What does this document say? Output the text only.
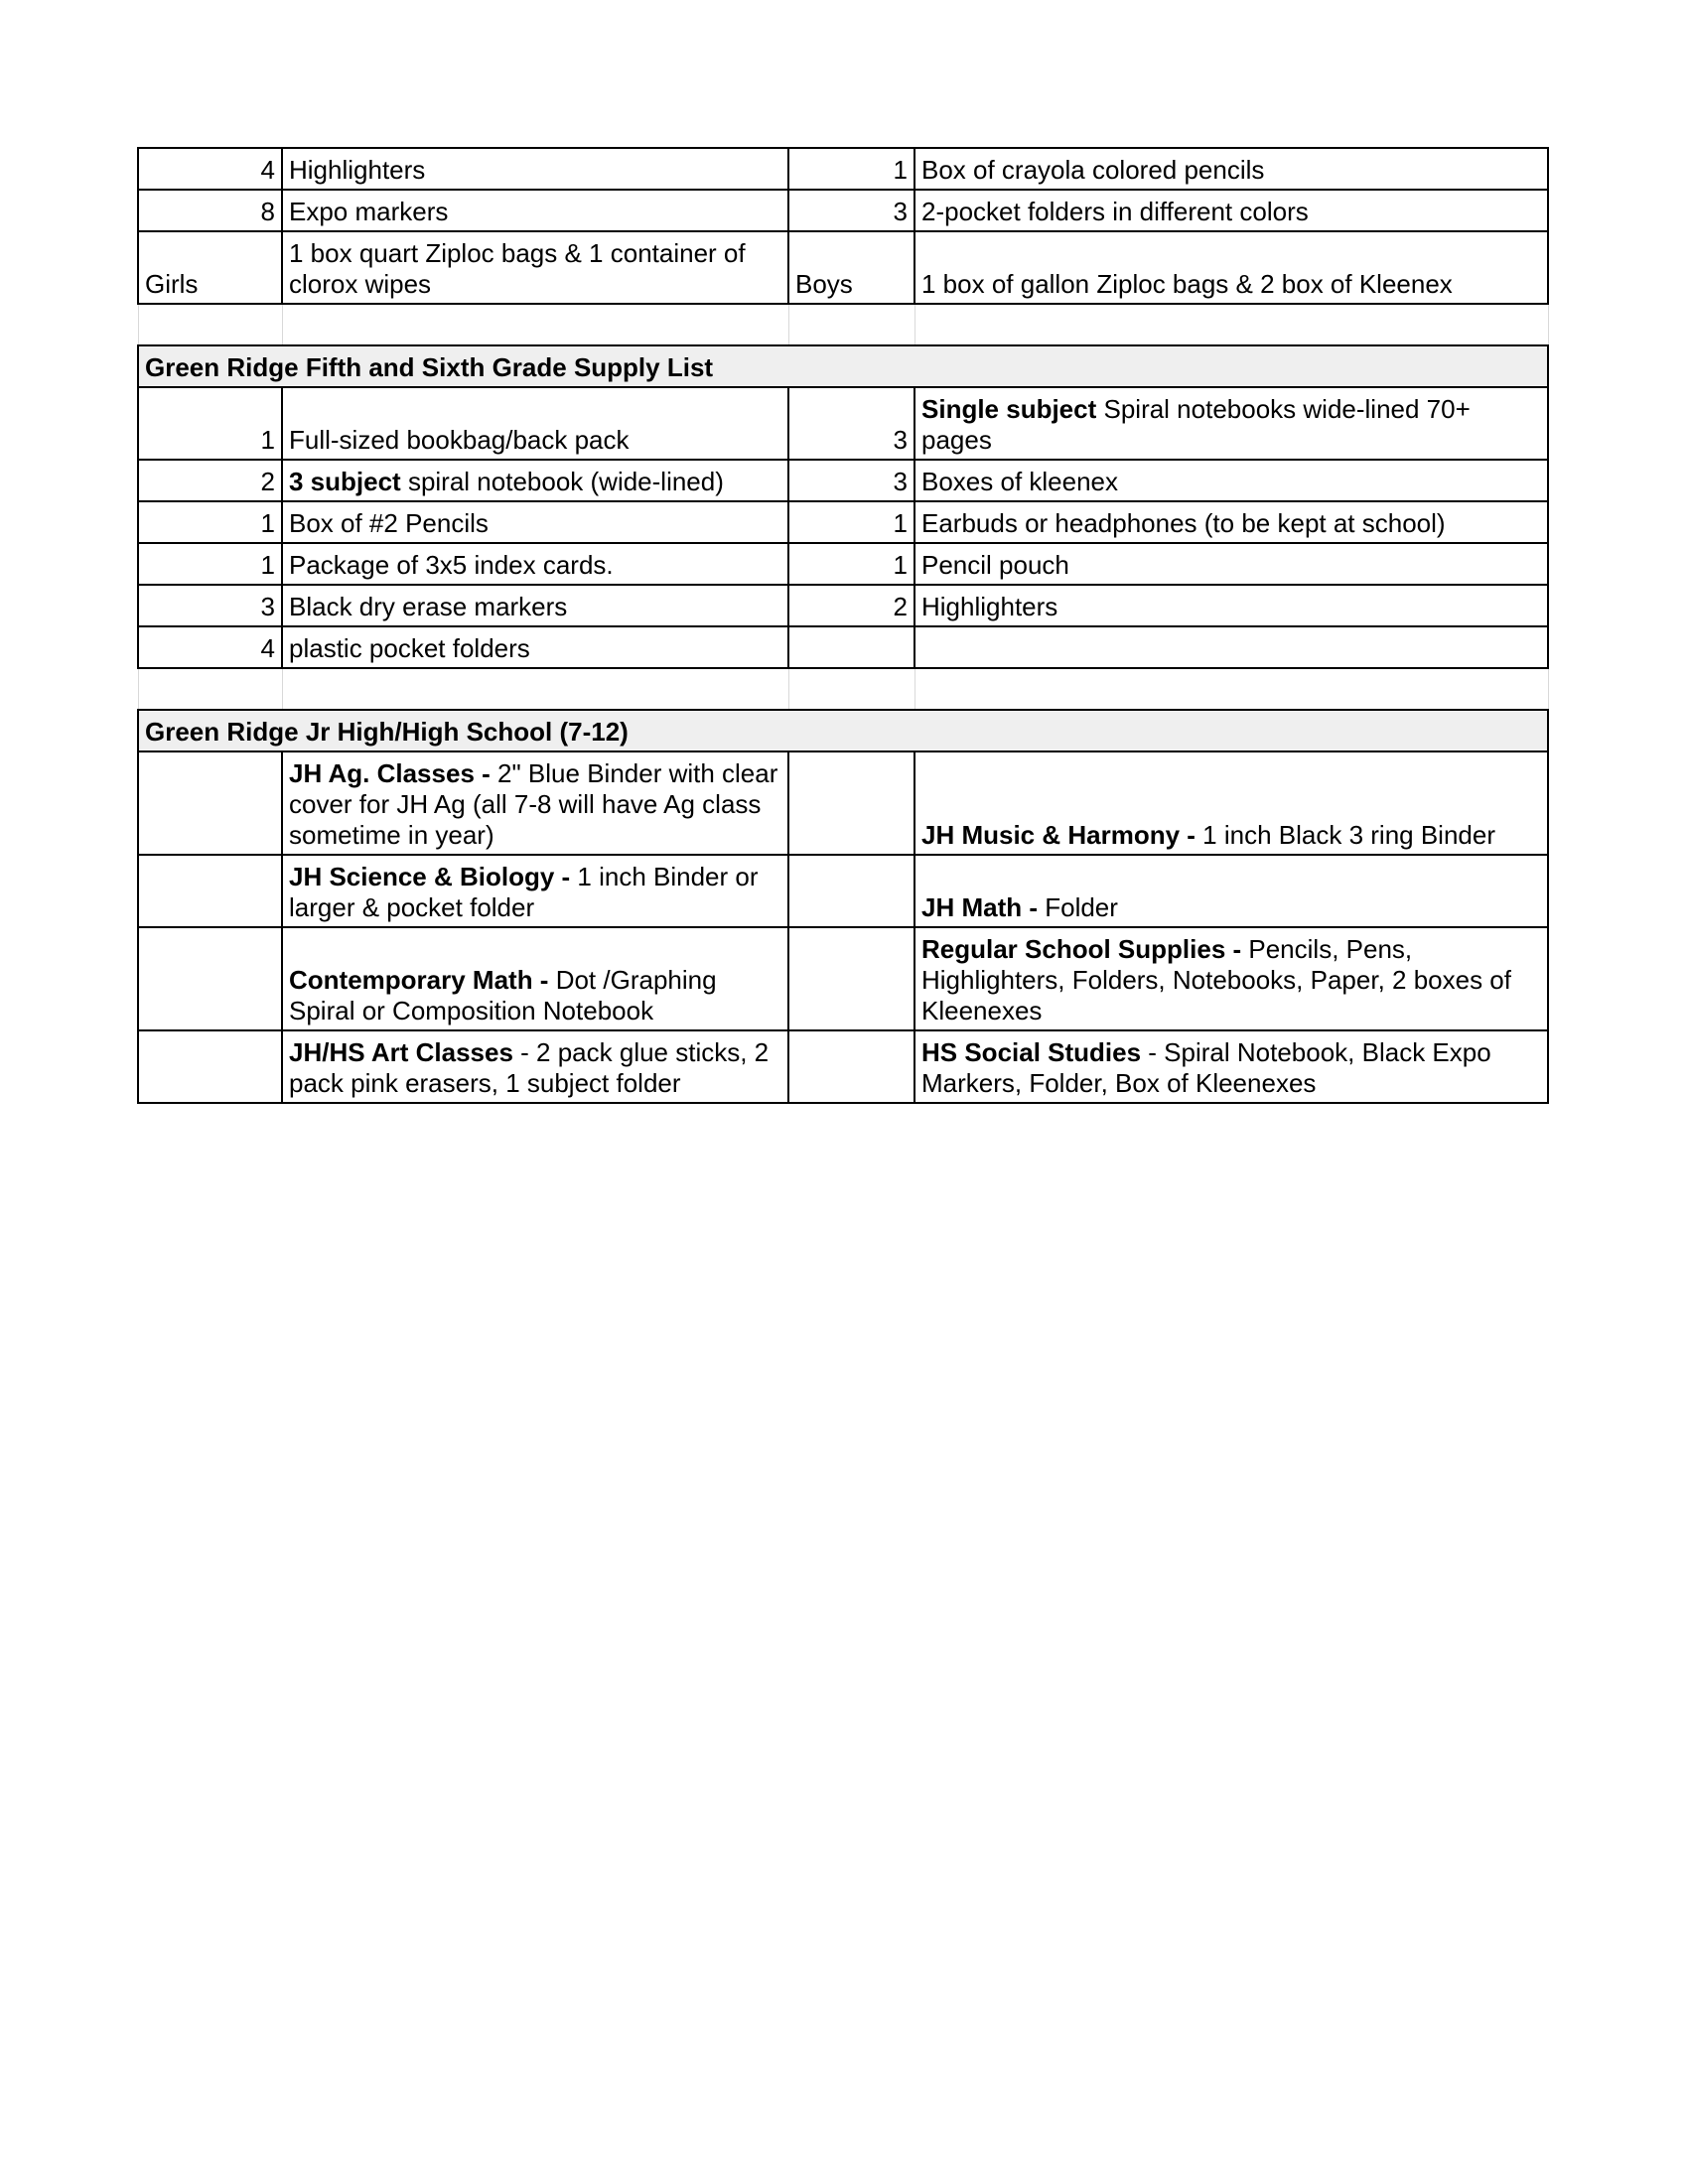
4	Highlighters	1	Box of crayola colored pencils
8	Expo markers	3	2-pocket folders in different colors
Girls	1 box quart Ziploc bags & 1 container of clorox wipes	Boys	1 box of gallon Ziploc bags & 2 box of Kleenex

Green Ridge Fifth and Sixth Grade Supply List			
1	Full-sized bookbag/back pack	3	Single subject Spiral notebooks wide-lined 70+ pages
2	3 subject spiral notebook (wide-lined)	3	Boxes of kleenex
1	Box of #2 Pencils	1	Earbuds or headphones (to be kept at school)
1	Package of 3x5 index cards.	1	Pencil pouch
3	Black dry erase markers	2	Highlighters
4	plastic pocket folders		

Green Ridge Jr High/High School (7-12)			
	JH Ag. Classes - 2" Blue Binder with clear cover for JH Ag (all 7-8 will have Ag class sometime in year)		JH Music & Harmony - 1 inch Black 3 ring Binder
	JH Science & Biology - 1 inch Binder or larger & pocket folder		JH Math - Folder
	Contemporary Math - Dot /Graphing Spiral or Composition Notebook		Regular School Supplies - Pencils, Pens, Highlighters, Folders, Notebooks, Paper, 2 boxes of Kleenexes
	JH/HS Art Classes - 2 pack glue sticks, 2 pack pink erasers, 1 subject folder		HS Social Studies - Spiral Notebook, Black Expo Markers, Folder, Box of Kleenexes
